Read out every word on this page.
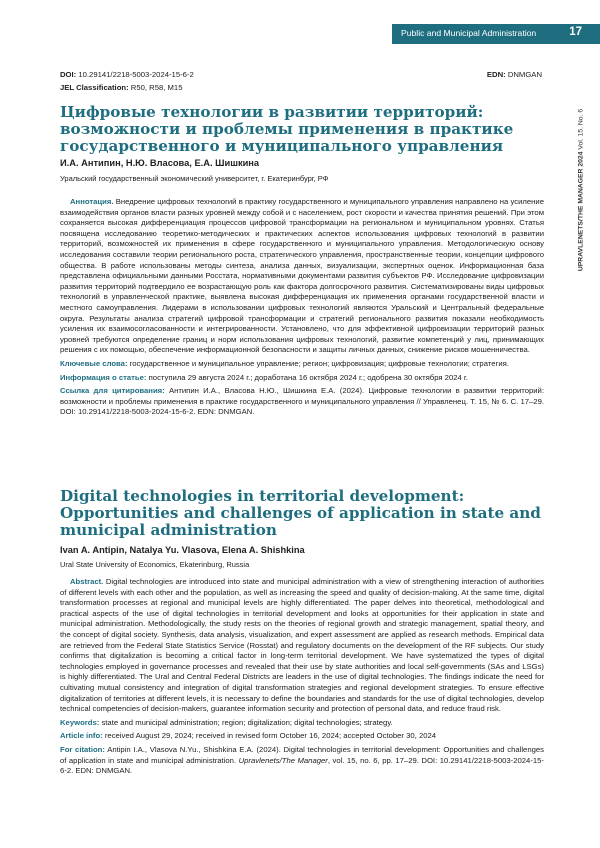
Public and Municipal Administration	17
UPRAVLENETS/THE MANAGER 2024 Vol. 15. No. 6
DOI: 10.29141/2218-5003-2024-15-6-2	EDN: DNMGAN
JEL Classification: R50, R58, M15
Цифровые технологии в развитии территорий: возможности и проблемы применения в практике государственного и муниципального управления
И.А. Антипин, Н.Ю. Власова, Е.А. Шишкина
Уральский государственный экономический университет, г. Екатеринбург, РФ

Аннотация. Внедрение цифровых технологий в практику государственного и муниципального управления направлено на усиление взаимодействия органов власти разных уровней между собой и с населением, рост скорости и качества принятия решений. При этом сохраняется высокая дифференциация процессов цифровой трансформации на региональном и муниципальном уровнях. Статья посвящена исследованию теоретико-методических и практических аспектов использования цифровых технологий в развитии территорий, возможностей их применения в сфере государственного и муниципального управления. Методологическую основу исследования составили теории регионального роста, стратегического управления, пространственные теории, концепции цифрового общества. В работе использованы методы синтеза, анализа данных, визуализации, экспертных оценок. Информационная база представлена официальными данными Росстата, нормативными документами развития субъектов РФ. Исследование цифровизации развития территорий подтвердило ее возрастающую роль как фактора долгосрочного развития. Систематизированы виды цифровых технологий в управленческой практике, выявлена высокая дифференциация их применения органами государственной власти и местного самоуправления. Лидерами в использовании цифровых технологий являются Уральский и Центральный федеральные округа. Результаты анализа стратегий цифровой трансформации и стратегий регионального развития показали необходимость усиления их взаимосогласованности и интегрированности. Установлено, что для эффективной цифровизации территорий разных уровней требуются определение границ и норм использования цифровых технологий, развитие компетенций у лиц, принимающих решения с их помощью, обеспечение информационной безопасности и защиты личных данных, снижение рисков мошенничества.

Ключевые слова: государственное и муниципальное управление; регион; цифровизация; цифровые технологии; стратегия.

Информация о статье: поступила 29 августа 2024 г.; доработана 16 октября 2024 г.; одобрена 30 октября 2024 г.

Ссылка для цитирования: Антипин И.А., Власова Н.Ю., Шишкина Е.А. (2024). Цифровые технологии в развитии территорий: возможности и проблемы применения в практике государственного и муниципального управления // Управленец. Т. 15, № 6. С. 17–29. DOI: 10.29141/2218-5003-2024-15-6-2. EDN: DNMGAN.

Digital technologies in territorial development: Opportunities and challenges of application in state and municipal administration
Ivan A. Antipin, Natalya Yu. Vlasova, Elena A. Shishkina
Ural State University of Economics, Ekaterinburg, Russia

Abstract. Digital technologies are introduced into state and municipal administration with a view of strengthening interaction of authorities of different levels with each other and the population, as well as increasing the speed and quality of decision-making. At the same time, digital transformation processes at regional and municipal levels are highly differentiated. The paper delves into theoretical, methodological and practical aspects of the use of digital technologies in territorial development and looks at opportunities for their application in state and municipal administration. Methodologically, the study rests on the theories of regional growth and strategic management, spatial theory, and the concept of digital society. Synthesis, data analysis, visualization, and expert assessment are applied as research methods. Empirical data are retrieved from the Federal State Statistics Service (Rosstat) and regulatory documents on the development of the RF subjects. Our study confirms that digitalization is becoming a critical factor in long-term territorial development. We have systematized the types of digital technologies employed in governance processes and revealed that their use by state authorities and local self-governments (SAs and LSGs) is highly differentiated. The Ural and Central Federal Districts are leaders in the use of digital technologies. The findings indicate the need for cultivating mutual consistency and integration of digital transformation strategies and regional development strategies. To ensure effective digitalization of territories at different levels, it is necessary to define the boundaries and standards for the use of digital technologies, develop technical competencies of decision-makers, guarantee information security and protection of personal data, and reduce fraud risk.

Keywords: state and municipal administration; region; digitalization; digital technologies; strategy.

Article info: received August 29, 2024; received in revised form October 16, 2024; accepted October 30, 2024

For citation: Antipin I.A., Vlasova N.Yu., Shishkina E.A. (2024). Digital technologies in territorial development: Opportunities and challenges of application in state and municipal administration. Upravlenets/The Manager, vol. 15, no. 6, pp. 17–29. DOI: 10.29141/2218-5003-2024-15-6-2. EDN: DNMGAN.
